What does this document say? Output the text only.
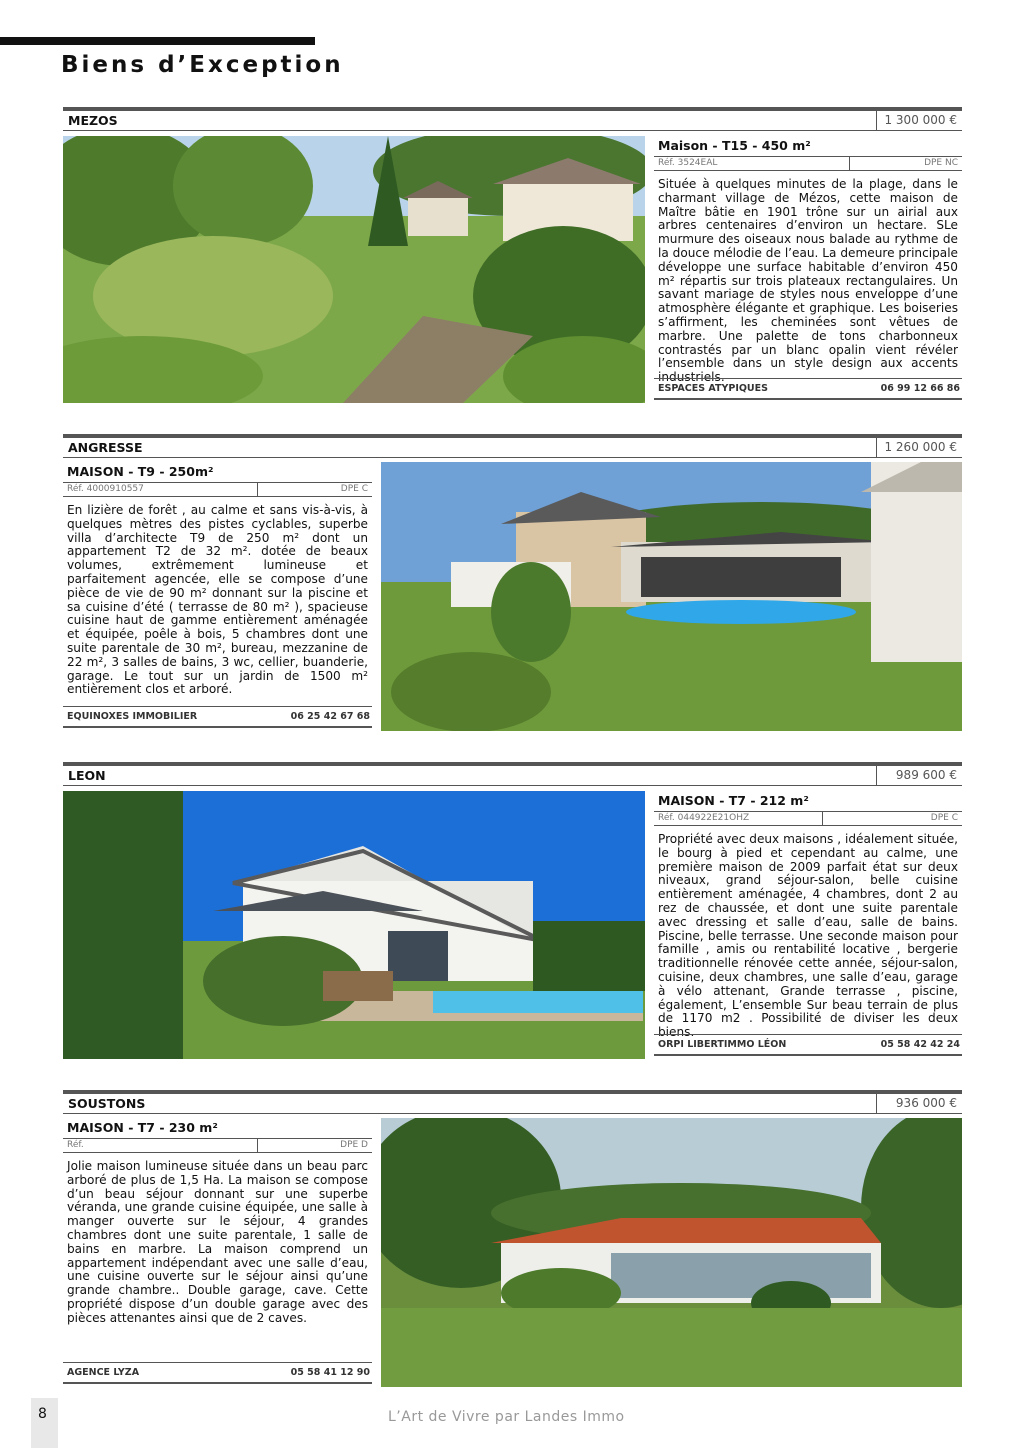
Biens d’Exception
MEZOS	1 300 000 €
Maison - T15 - 450 m²
Réf. 3524EAL	DPE NC
Située à quelques minutes de la plage, dans le charmant village de Mézos, cette maison de Maître bâtie en 1901 trône sur un airial aux arbres centenaires d’environ un hectare. SLe murmure des oiseaux nous balade au rythme de la douce mélodie de l’eau. La demeure principale développe une surface habitable d’environ 450 m² répartis sur trois plateaux rectangulaires. Un savant mariage de styles nous enveloppe d’une atmosphère élégante et graphique. Les boiseries s’affirment, les cheminées sont vêtues de marbre. Une palette de tons charbonneux contrastés par un blanc opalin vient révéler l’ensemble dans un style design aux accents industriels.
ESPACES ATYPIQUES	06 99 12 66 86
ANGRESSE	1 260 000 €
MAISON - T9 - 250m²
Réf. 4000910557	DPE C
En lizière de forêt , au calme et sans vis-à-vis, à quelques mètres des pistes cyclables, superbe villa d’architecte T9 de 250 m² dont un appartement T2 de 32 m². dotée de beaux volumes, extrêmement lumineuse et parfaitement agencée, elle se compose d’une pièce de vie de 90 m² donnant sur la piscine et sa cuisine d’été ( terrasse de 80 m² ), spacieuse cuisine haut de gamme entièrement aménagée et équipée, poêle à bois, 5 chambres dont une suite parentale de 30 m², bureau, mezzanine de 22 m², 3 salles de bains, 3 wc, cellier, buanderie, garage. Le tout sur un jardin de 1500 m² entièrement clos et arboré.
EQUINOXES IMMOBILIER	06 25 42 67 68
LEON	989 600 €
MAISON - T7 - 212 m²
Réf. 044922E21OHZ	DPE C
Propriété avec deux maisons , idéalement située, le bourg à pied et cependant au calme, une première maison de 2009 parfait état sur deux niveaux, grand séjour-salon, belle cuisine entièrement aménagée, 4 chambres, dont 2 au rez de chaussée, et dont une suite parentale avec dressing et salle d’eau, salle de bains. Piscine, belle terrasse. Une seconde maison pour famille , amis ou rentabilité locative , bergerie traditionnelle rénovée cette année, séjour-salon, cuisine, deux chambres, une salle d’eau, garage à vélo attenant, Grande terrasse , piscine, également, L’ensemble Sur beau terrain de plus de 1170 m2 . Possibilité de diviser les deux biens.
ORPI LIBERTIMMO LÉON	05 58 42 42 24
SOUSTONS	936 000 €
MAISON - T7 - 230 m²
Réf.	DPE D
Jolie maison lumineuse située dans un beau parc arboré de plus de 1,5 Ha. La maison se compose d’un beau séjour donnant sur une superbe véranda, une grande cuisine équipée, une salle à manger ouverte sur le séjour, 4 grandes chambres dont une suite parentale, 1 salle de bains en marbre. La maison comprend un appartement indépendant avec une salle d’eau, une cuisine ouverte sur le séjour ainsi qu’une grande chambre.. Double garage, cave. Cette propriété dispose d’un double garage avec des pièces attenantes ainsi que de 2 caves.
AGENCE LYZA	05 58 41 12 90
8	L’Art de Vivre par Landes Immo
